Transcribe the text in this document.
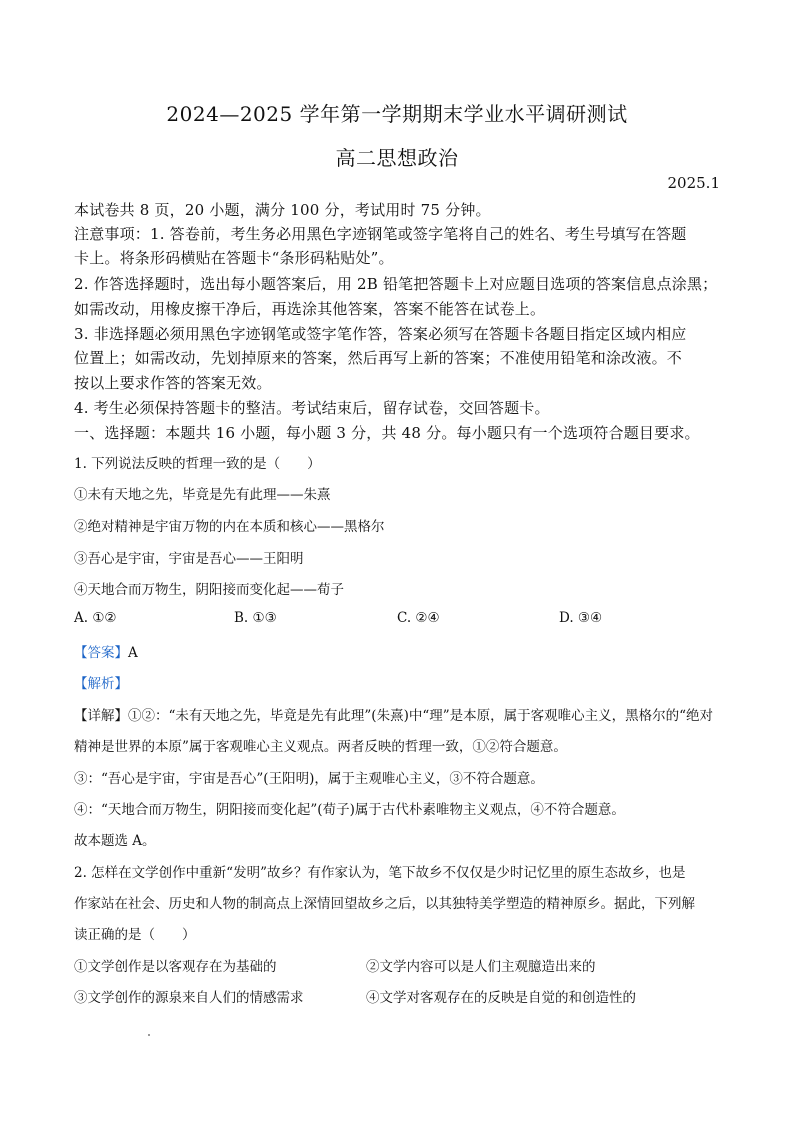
2024—2025 学年第一学期期末学业水平调研测试
高二思想政治
2025.1
本试卷共 8 页，20 小题，满分 100 分，考试用时 75 分钟。
注意事项：1. 答卷前，考生务必用黑色字迹钢笔或签字笔将自己的姓名、考生号填写在答题
卡上。将条形码横贴在答题卡“条形码粘贴处”。
2. 作答选择题时，选出每小题答案后，用 2B 铅笔把答题卡上对应题目选项的答案信息点涂黑；
如需改动，用橡皮擦干净后，再选涂其他答案，答案不能答在试卷上。
3. 非选择题必须用黑色字迹钢笔或签字笔作答，答案必须写在答题卡各题目指定区域内相应
位置上；如需改动，先划掉原来的答案，然后再写上新的答案；不准使用铅笔和涂改液。不
按以上要求作答的答案无效。
4. 考生必须保持答题卡的整洁。考试结束后，留存试卷，交回答题卡。
一、选择题：本题共 16 小题，每小题 3 分，共 48 分。每小题只有一个选项符合题目要求。
1. 下列说法反映的哲理一致的是（　　）
①未有天地之先，毕竟是先有此理——朱熹
②绝对精神是宇宙万物的内在本质和核心——黑格尔
③吾心是宇宙，宇宙是吾心——王阳明
④天地合而万物生，阴阳接而变化起——荀子
A. ①②	B. ①③	C. ②④	D. ③④
【答案】A
【解析】
【详解】①②：“未有天地之先，毕竟是先有此理”(朱熹)中“理”是本原，属于客观唯心主义，黑格尔的“绝对
精神是世界的本原”属于客观唯心主义观点。两者反映的哲理一致，①②符合题意。
③：“吾心是宇宙，宇宙是吾心”(王阳明)，属于主观唯心主义，③不符合题意。
④：“天地合而万物生，阴阳接而变化起”(荀子)属于古代朴素唯物主义观点，④不符合题意。
故本题选 A。
2. 怎样在文学创作中重新“发明”故乡？有作家认为，笔下故乡不仅仅是少时记忆里的原生态故乡，也是
作家站在社会、历史和人物的制高点上深情回望故乡之后，以其独特美学塑造的精神原乡。据此，下列解
读正确的是（　　）
①文学创作是以客观存在为基础的	②文学内容可以是人们主观臆造出来的
③文学创作的源泉来自人们的情感需求	④文学对客观存在的反映是自觉的和创造性的
